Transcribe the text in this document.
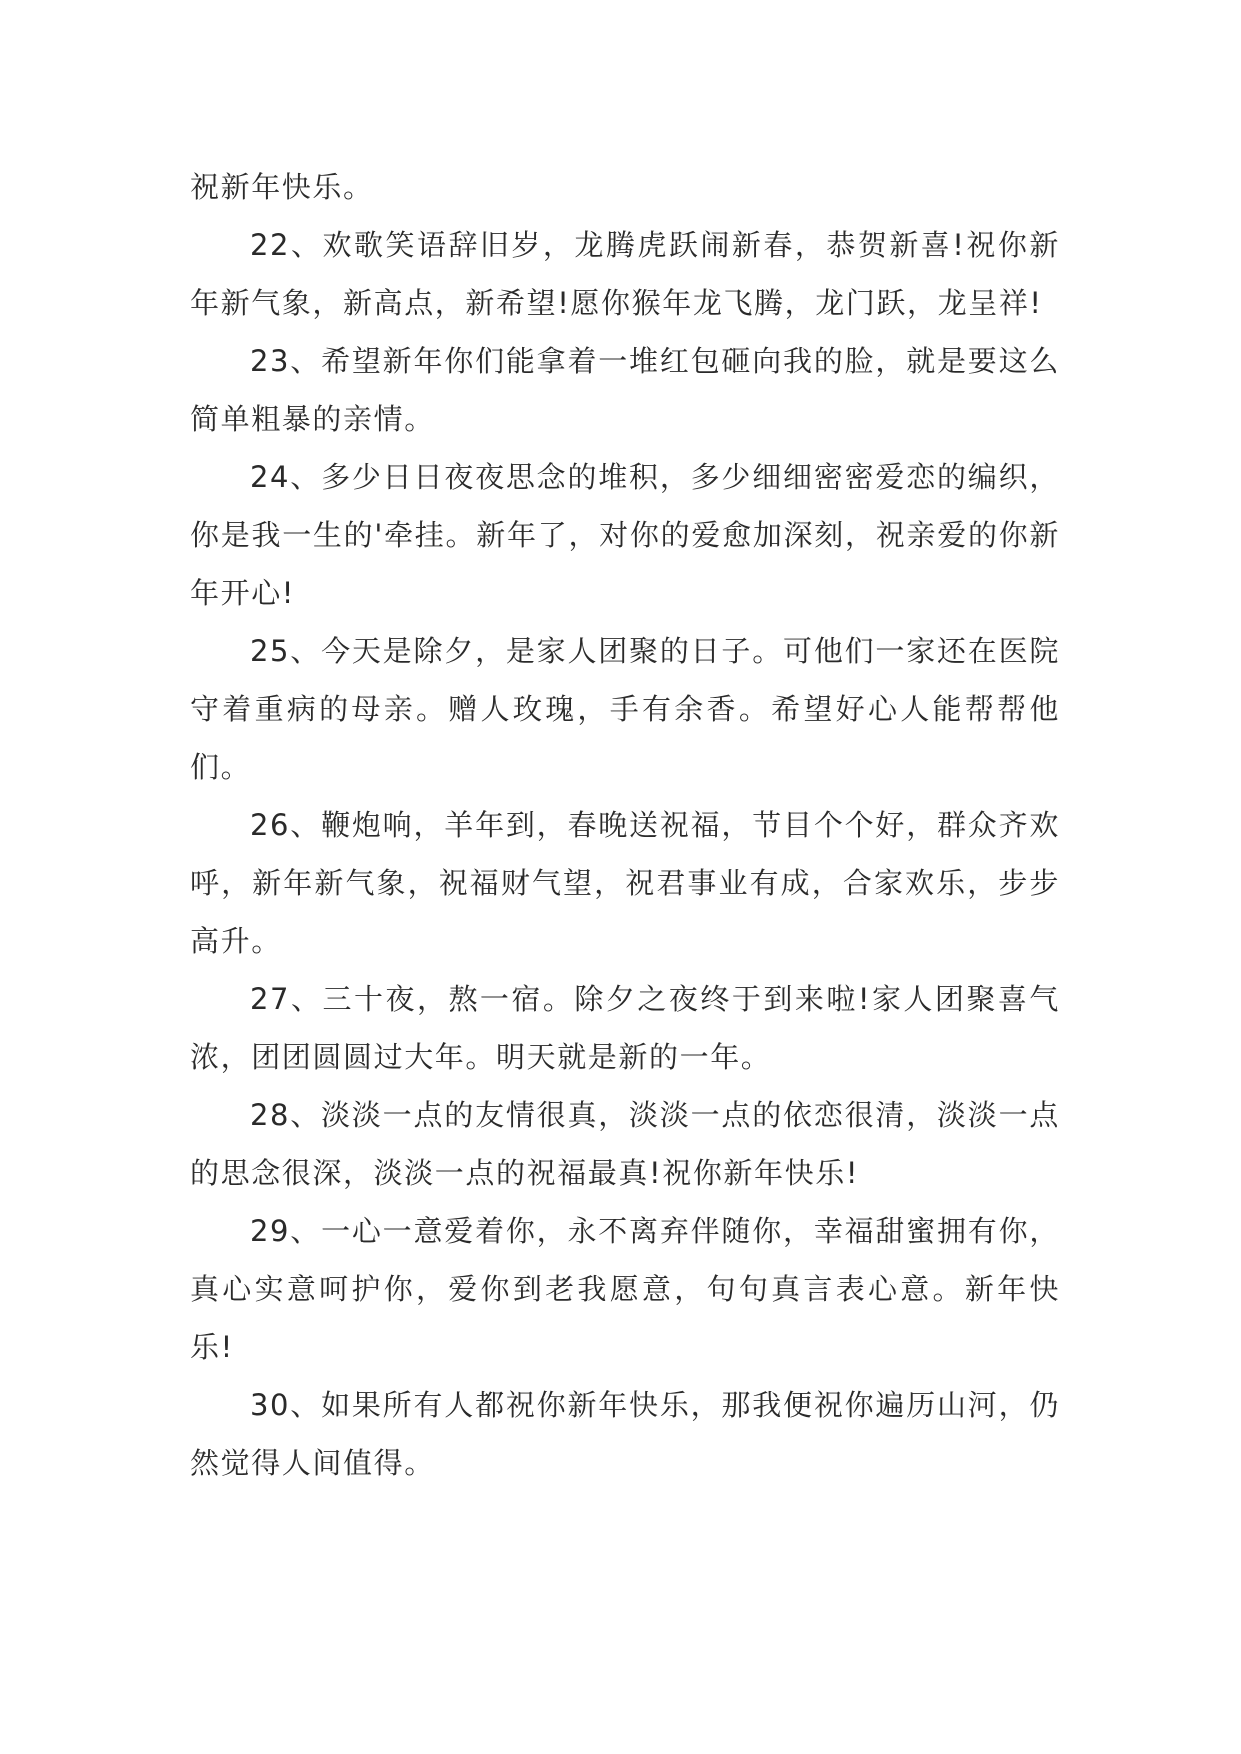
祝新年快乐。

22、欢歌笑语辞旧岁，龙腾虎跃闹新春，恭贺新喜!祝你新年新气象，新高点，新希望!愿你猴年龙飞腾，龙门跃，龙呈祥!

23、希望新年你们能拿着一堆红包砸向我的脸，就是要这么简单粗暴的亲情。

24、多少日日夜夜思念的堆积，多少细细密密爱恋的编织，你是我一生的'牵挂。新年了，对你的爱愈加深刻，祝亲爱的你新年开心!

25、今天是除夕，是家人团聚的日子。可他们一家还在医院守着重病的母亲。赠人玫瑰，手有余香。希望好心人能帮帮他们。

26、鞭炮响，羊年到，春晚送祝福，节目个个好，群众齐欢呼，新年新气象，祝福财气望，祝君事业有成，合家欢乐，步步高升。

27、三十夜，熬一宿。除夕之夜终于到来啦!家人团聚喜气浓，团团圆圆过大年。明天就是新的一年。

28、淡淡一点的友情很真，淡淡一点的依恋很清，淡淡一点的思念很深，淡淡一点的祝福最真!祝你新年快乐!

29、一心一意爱着你，永不离弃伴随你，幸福甜蜜拥有你，真心实意呵护你，爱你到老我愿意，句句真言表心意。新年快乐!

30、如果所有人都祝你新年快乐，那我便祝你遍历山河，仍然觉得人间值得。
